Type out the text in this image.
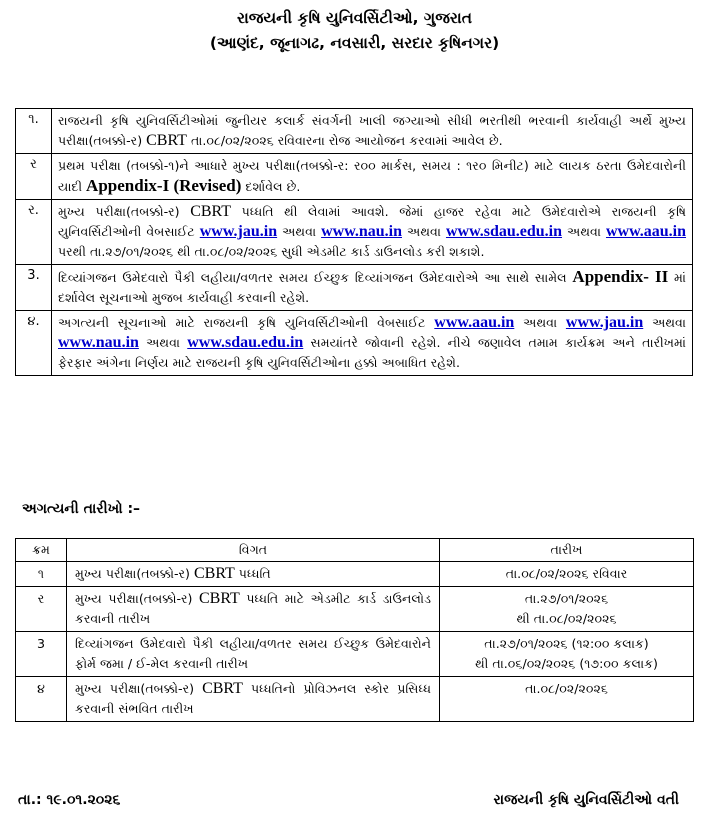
રાજયની કૃષિ યુનિવર્સિટીઓ, ગુજરાત
(આણંદ, જૂનાગઢ, નવસારી, સરદાર કૃષિનગર)
૧.	રાજયની કૃષિ યુનિવર્સિટીઓમાં જુનીયર કલાર્ક સંવર્ગની ખાલી જગ્યાઓ સીધી ભરતીથી ભરવાની કાર્યવાહી અર્થે મુખ્ય પરીક્ષા(તબક્કો-ર) CBRT તા.૦૮/૦૨/૨૦૨૬ રવિવારના રોજ આયોજન કરવામાં આવેલ છે.
ર	પ્રથમ પરીક્ષા (તબક્કો-૧)ને આધારે મુખ્ય પરીક્ષા(તબક્કો-ર: ર૦૦ માર્કસ, સમય : ૧ર૦ મિનીટ) માટે લાયક ઠરતા ઉમેદવારોની યાદી Appendix-I (Revised) દર્શાવેલ છે.
ર.	મુખ્ય પરીક્ષા(તબક્કો-ર) CBRT પધ્ધતિ થી લેવામાં આવશે. જેમાં હાજર રહેવા માટે ઉમેદવારોએ રાજયની કૃષિ યુનિવર્સિટીઓની વેબસાઈટ www.jau.in અથવા www.nau.in અથવા www.sdau.edu.in અથવા www.aau.in પરથી તા.૨૭/૦૧/૨૦૨૬ થી તા.૦૮/૦૨/૨૦૨૬ સુધી એડમીટ કાર્ડ ડાઉનલોડ કરી શકાશે.
3.	દિવ્યાંગજન ઉમેદવારો પૈકી લહીયા/વળતર સમય ઈચ્છુક દિવ્યાંગજન ઉમેદવારોએ આ સાથે સામેલ Appendix- II માં દર્શાવેલ સૂચનાઓ મુજબ કાર્યવાહી કરવાની રહેશે.
૪.	અગત્યની સૂચનાઓ માટે રાજયની કૃષિ યુનિવર્સિટીઓની વેબસાઈટ www.aau.in અથવા www.jau.in અથવા www.nau.in અથવા www.sdau.edu.in સમયાંતરે જોવાની રહેશે. નીચે જણાવેલ તમામ કાર્યક્રમ અને તારીખમાં ફેરફાર અંગેના નિર્ણય માટે રાજયની કૃષિ યુનિવર્સિટીઓના હક્કો અબાધિત રહેશે.
અગત્યની તારીખો :–
ક્રમ	વિગત	તારીખ
૧	મુખ્ય પરીક્ષા(તબક્કો-ર) CBRT પધ્ધતિ	તા.૦૮/૦૨/૨૦૨૬ રવિવાર

ર	મુખ્ય પરીક્ષા(તબક્કો-ર) CBRT પધ્ધતિ માટે એડમીટ કાર્ડ ડાઉનલોડ કરવાની તારીખ	તા.૨૭/૦૧/૨૦૨૬
થી તા.૦૮/૦૨/૨૦૨૬

3	દિવ્યાંગજન ઉમેદવારો પૈકી લહીયા/વળતર સમય ઈચ્છુક ઉમેદવારોને ફોર્મ જમા / ઈ-મેલ કરવાની તારીખ	તા.૨૭/૦૧/૨૦૨૬ (૧૨:૦૦ કલાક)
થી તા.૦૬/૦૨/૨૦૨૬ (૧૭:૦૦ કલાક)

૪	મુખ્ય પરીક્ષા(તબક્કો-ર) CBRT પધ્ધતિનો પ્રોવિઝનલ સ્કોર પ્રસિધ્ધ કરવાની સંભવિત તારીખ	તા.૦૮/૦૨/૨૦૨૬
તા.: ૧૯.૦૧.૨૦૨૬	રાજયની કૃષિ યુનિવર્સિટીઓ વતી
